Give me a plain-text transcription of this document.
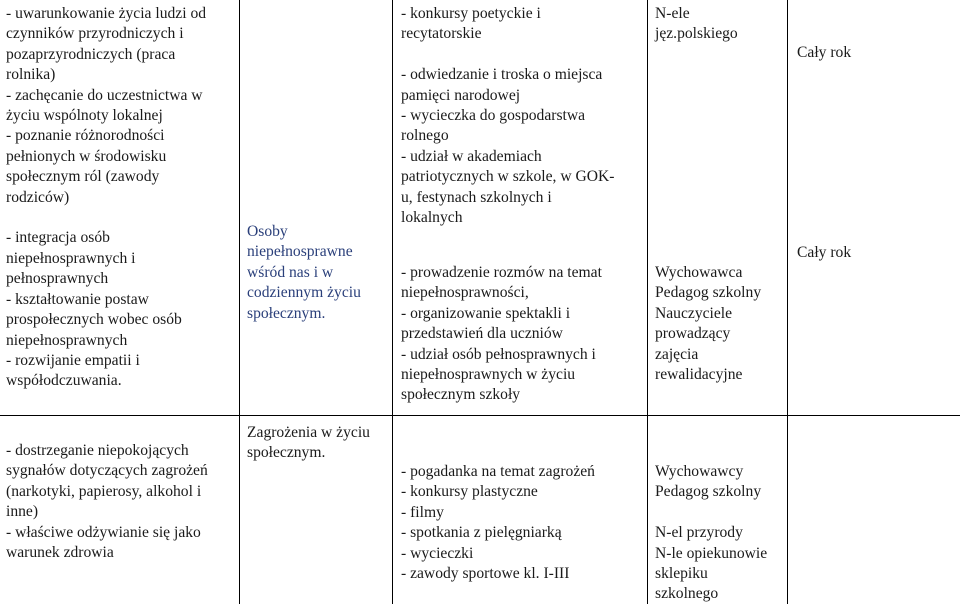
- uwarunkowanie życia ludzi od
czynników przyrodniczych i
pozaprzyrodniczych (praca
rolnika)
- zachęcanie do uczestnictwa w
życiu wspólnoty lokalnej
- poznanie różnorodności
pełnionych w środowisku
społecznym ról (zawody
rodziców)

- integracja osób
niepełnosprawnych i
pełnosprawnych
- kształtowanie postaw
prospołecznych wobec osób
niepełnosprawnych
- rozwijanie empatii i
współodczuwania.
Osoby
niepełnosprawne
wśród nas i w
codziennym życiu
społecznym.
- konkursy poetyckie i
recytatorskie

- odwiedzanie i troska o miejsca
pamięci narodowej
- wycieczka do gospodarstwa
rolnego
- udział w akademiach
patriotycznych w szkole, w GOK-
u, festynach szkolnych i
lokalnych
- prowadzenie rozmów na temat
niepełnosprawności,
- organizowanie spektakli i
przedstawień dla uczniów
- udział osób pełnosprawnych i
niepełnosprawnych w życiu
społecznym szkoły
N-ele
jęz.polskiego
Wychowawca
Pedagog szkolny
Nauczyciele
prowadzący
zajęcia
rewalidacyjne
Cały rok
Cały rok
- dostrzeganie niepokojących
sygnałów dotyczących zagrożeń
(narkotyki, papierosy, alkohol i
inne)
- właściwe odżywianie się jako
warunek zdrowia
Zagrożenia w życiu
społecznym.
- pogadanka na temat zagrożeń
- konkursy plastyczne
- filmy
- spotkania z pielęgniarką
- wycieczki
- zawody sportowe kl. I-III
Wychowawcy
Pedagog szkolny

N-el przyrody
N-le opiekunowie
sklepiku
szkolnego
